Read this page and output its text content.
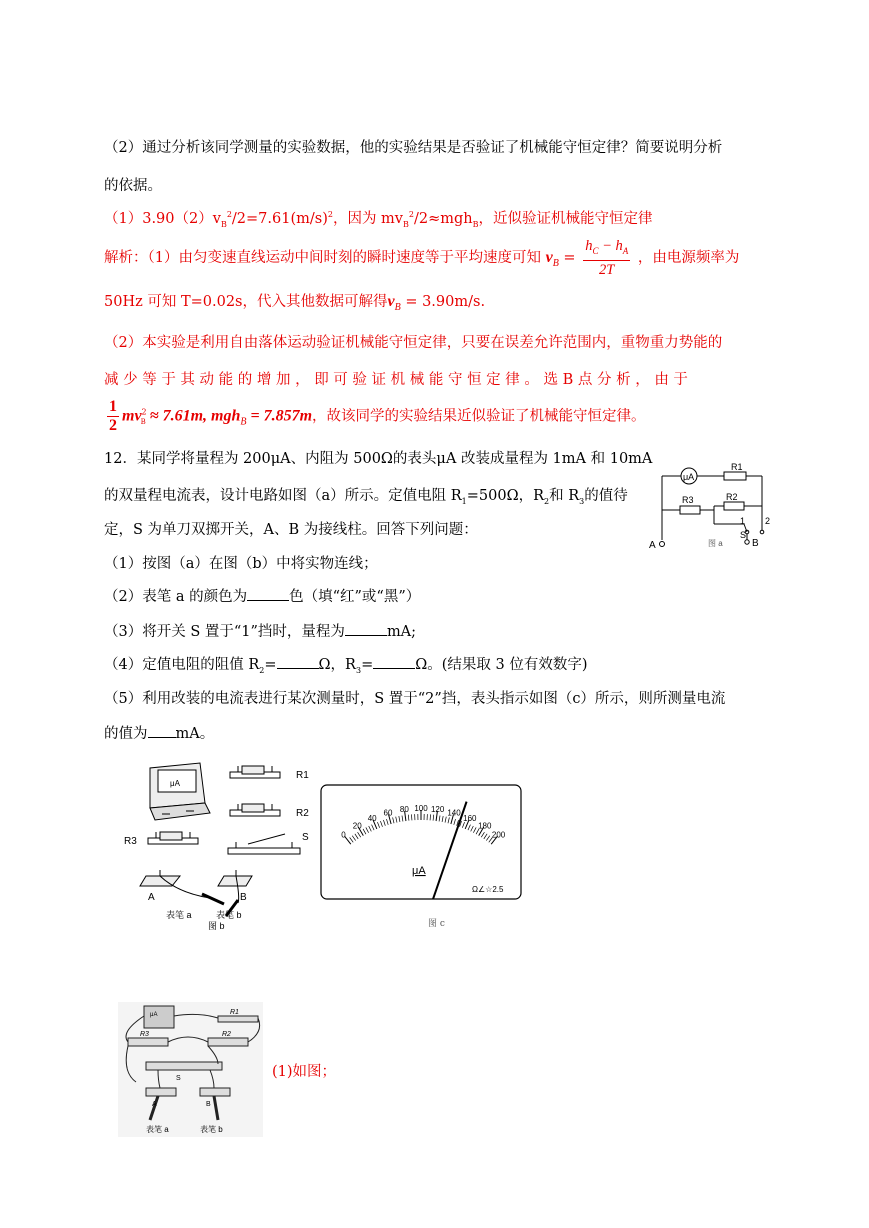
（2）通过分析该同学测量的实验数据，他的实验结果是否验证了机械能守恒定律？简要说明分析
的依据。
$(1)3.90(2)v_B^2/2=7.61(m/s)^2$，因为 $mv_B^2/2\approx mgh_B$，近似验证机械能守恒定律
解析：（1）由匀变速直线运动中间时刻的瞬时速度等于平均速度可知 $v_B = \frac{h_C - h_A}{2T}$ ，由电源频率为
50Hz 可知 T=0.02s，代入其他数据可解得$v_B = 3.90m/s$.
（2）本实验是利用自由落体运动验证机械能守恒定律，只要在误差允许范围内，重物重力势能的
减 少 等 于 其 动 能 的 增 加 ， 即 可 验 证 机 械 能 守 恒 定 律 。 选 B 点 分 析 ， 由 于
$\frac{1}{2} mv^2_B \approx 7.61m$, mgh$_B$ = 7.857m，故该同学的实验结果近似验证了机械能守恒定律。
12．某同学将量程为 200μA、内阻为 500Ω的表头μA 改装成量程为 1mA 和 10mA
的双量程电流表，设计电路如图（a）所示。定值电阻 $R_1=500\Omega$，$R_2$和 $R_3$的值待
定，S 为单刀双掷开关，A、B 为接线柱。回答下列问题：
（1）按图（a）在图（b）中将实物连线；
（2）表笔 a 的颜色为	色（填“红”或“黑”）
（3）将开关 S 置于“1”挡时，量程为	mA;
（4）定值电阻的阻值 $R_2=$	Ω，$R_3=$	Ω。(结果取 3 位有效数字)
（5）利用改装的电流表进行某次测量时，S 置于“2”挡，表头指示如图（c）所示，则所测量电流
的值为 mA。
μA
R1
R3	R2
1 2
S
A	B
图 a
μA
R1
R2
R3	S
A	B
表笔 a	表笔 b
图 b
0
20
40
60 80 100 120 140
160
180
200
μA
Ω∠☆2.5
图 c
μA	R1
R3	R2
S
A	B
表笔 a	表笔 b
(1)如图；
